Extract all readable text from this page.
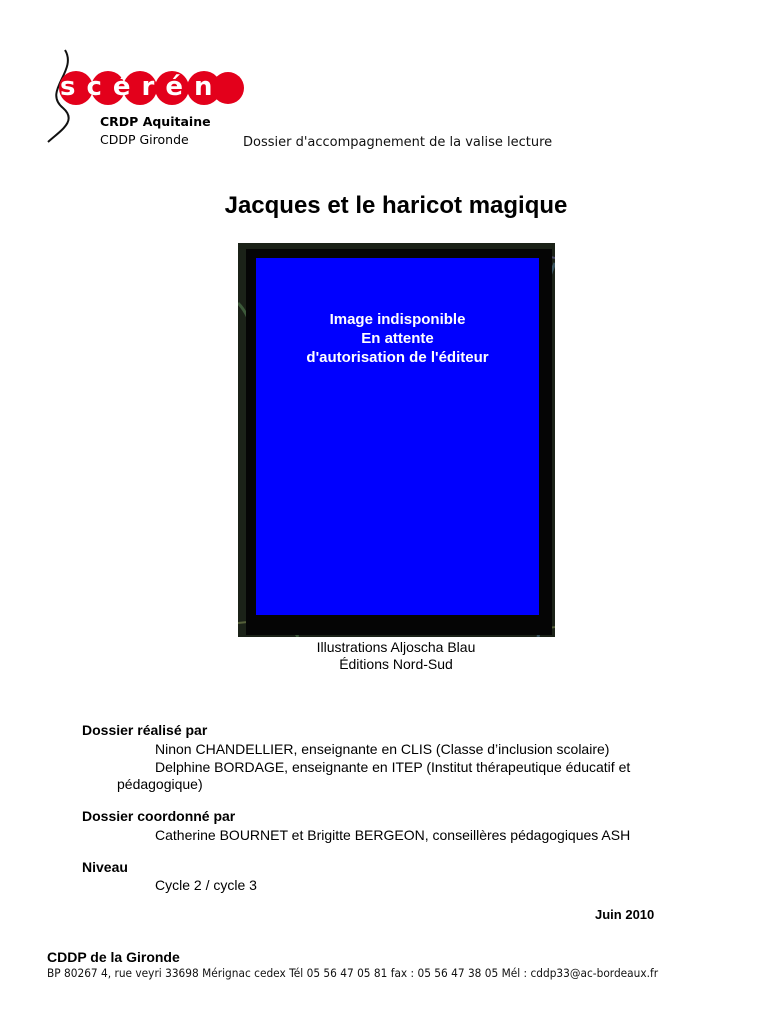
scérén
CRDP Aquitaine
CDDP Gironde	Dossier d'accompagnement de la valise lecture
Jacques et le haricot magique
Image indisponible
En attente
d'autorisation de l'éditeur
Illustrations Aljoscha Blau
Éditions Nord-Sud
Dossier réalisé par
Ninon CHANDELLIER, enseignante en CLIS (Classe d’inclusion scolaire)
Delphine BORDAGE, enseignante en ITEP (Institut thérapeutique éducatif et
pédagogique)
Dossier coordonné par
Catherine BOURNET et Brigitte BERGEON, conseillères pédagogiques ASH
Niveau
Cycle 2 / cycle 3
Juin 2010
CDDP de la Gironde
BP 80267 4, rue veyri 33698 Mérignac cedex Tél 05 56 47 05 81 fax : 05 56 47 38 05 Mél : cddp33@ac-bordeaux.fr
